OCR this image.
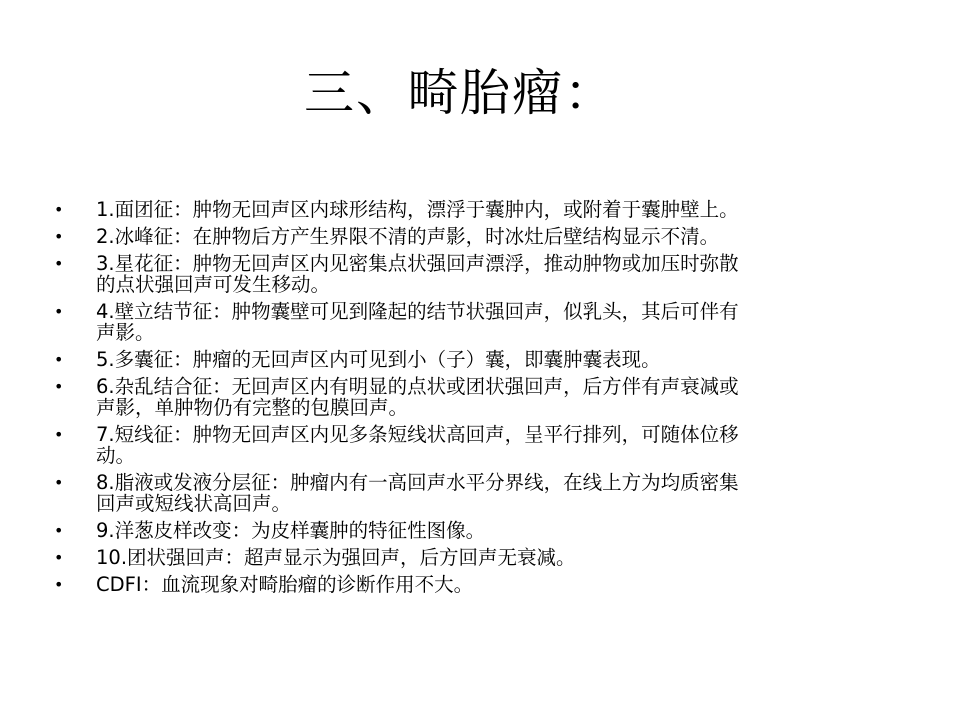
三、畸胎瘤：
•	1.面团征：肿物无回声区内球形结构，漂浮于囊肿内，或附着于囊肿壁上。
•	2.冰峰征：在肿物后方产生界限不清的声影，时冰灶后壁结构显示不清。
•	3.星花征：肿物无回声区内见密集点状强回声漂浮，推动肿物或加压时弥散
的点状强回声可发生移动。
•	4.壁立结节征：肿物囊壁可见到隆起的结节状强回声，似乳头，其后可伴有
声影。
•	5.多囊征：肿瘤的无回声区内可见到小（子）囊，即囊肿囊表现。
•	6.杂乱结合征：无回声区内有明显的点状或团状强回声，后方伴有声衰减或
声影，单肿物仍有完整的包膜回声。
•	7.短线征：肿物无回声区内见多条短线状高回声，呈平行排列，可随体位移
动。
•	8.脂液或发液分层征：肿瘤内有一高回声水平分界线，在线上方为均质密集
回声或短线状高回声。
•	9.洋葱皮样改变：为皮样囊肿的特征性图像。
•	10.团状强回声：超声显示为强回声，后方回声无衰减。
•	CDFI：血流现象对畸胎瘤的诊断作用不大。
